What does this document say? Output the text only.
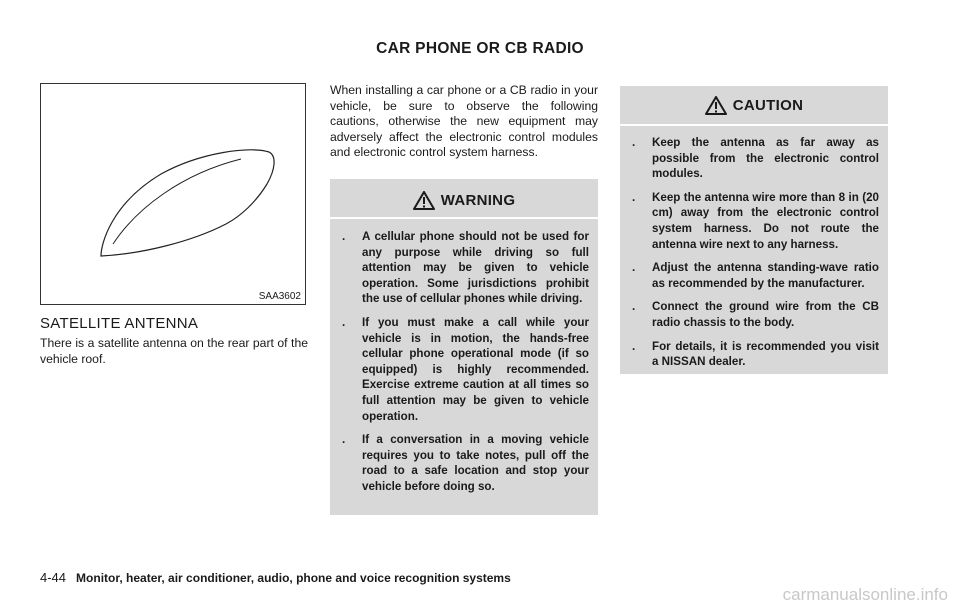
CAR PHONE OR CB RADIO
SAA3602
SATELLITE ANTENNA
There is a satellite antenna on the rear part of the vehicle roof.
When installing a car phone or a CB radio in your vehicle, be sure to observe the following cautions, otherwise the new equipment may adversely affect the electronic control modules and electronic control system harness.
WARNING
. A cellular phone should not be used for any purpose while driving so full attention may be given to vehicle operation. Some jurisdictions prohibit the use of cellular phones while driving.
. If you must make a call while your vehicle is in motion, the hands-free cellular phone operational mode (if so equipped) is highly recommended. Exercise extreme caution at all times so full attention may be given to vehicle operation.
. If a conversation in a moving vehicle requires you to take notes, pull off the road to a safe location and stop your vehicle before doing so.
CAUTION
. Keep the antenna as far away as possible from the electronic control modules.
. Keep the antenna wire more than 8 in (20 cm) away from the electronic control system harness. Do not route the antenna wire next to any harness.
. Adjust the antenna standing-wave ratio as recommended by the manufacturer.
. Connect the ground wire from the CB radio chassis to the body.
. For details, it is recommended you visit a NISSAN dealer.
4-44 Monitor, heater, air conditioner, audio, phone and voice recognition systems
carmanualsonline.info
